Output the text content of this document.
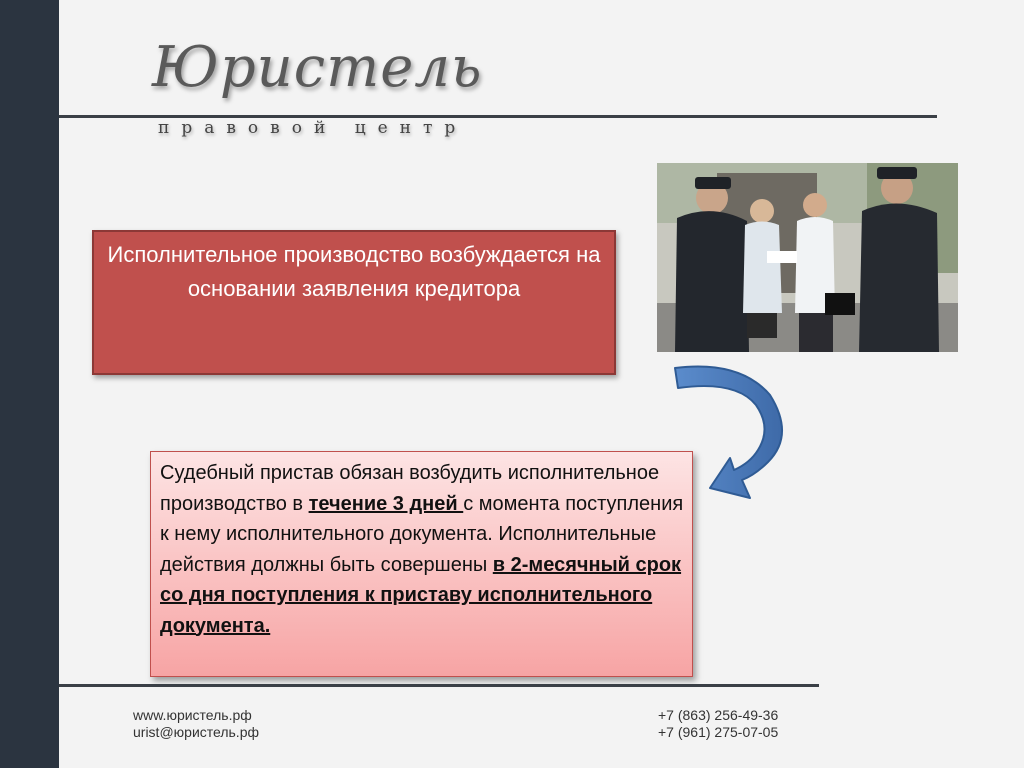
Юристель
правовой центр
Исполнительное производство возбуждается на основании заявления кредитора
Судебный пристав обязан возбудить исполнительное производство в течение 3 дней с момента поступления к нему исполнительного документа. Исполнительные действия должны быть совершены в 2-месячный срок со дня поступления к приставу исполнительного документа.
www.юристель.рф
urist@юристель.рф
+7 (863) 256-49-36
+7 (961) 275-07-05
